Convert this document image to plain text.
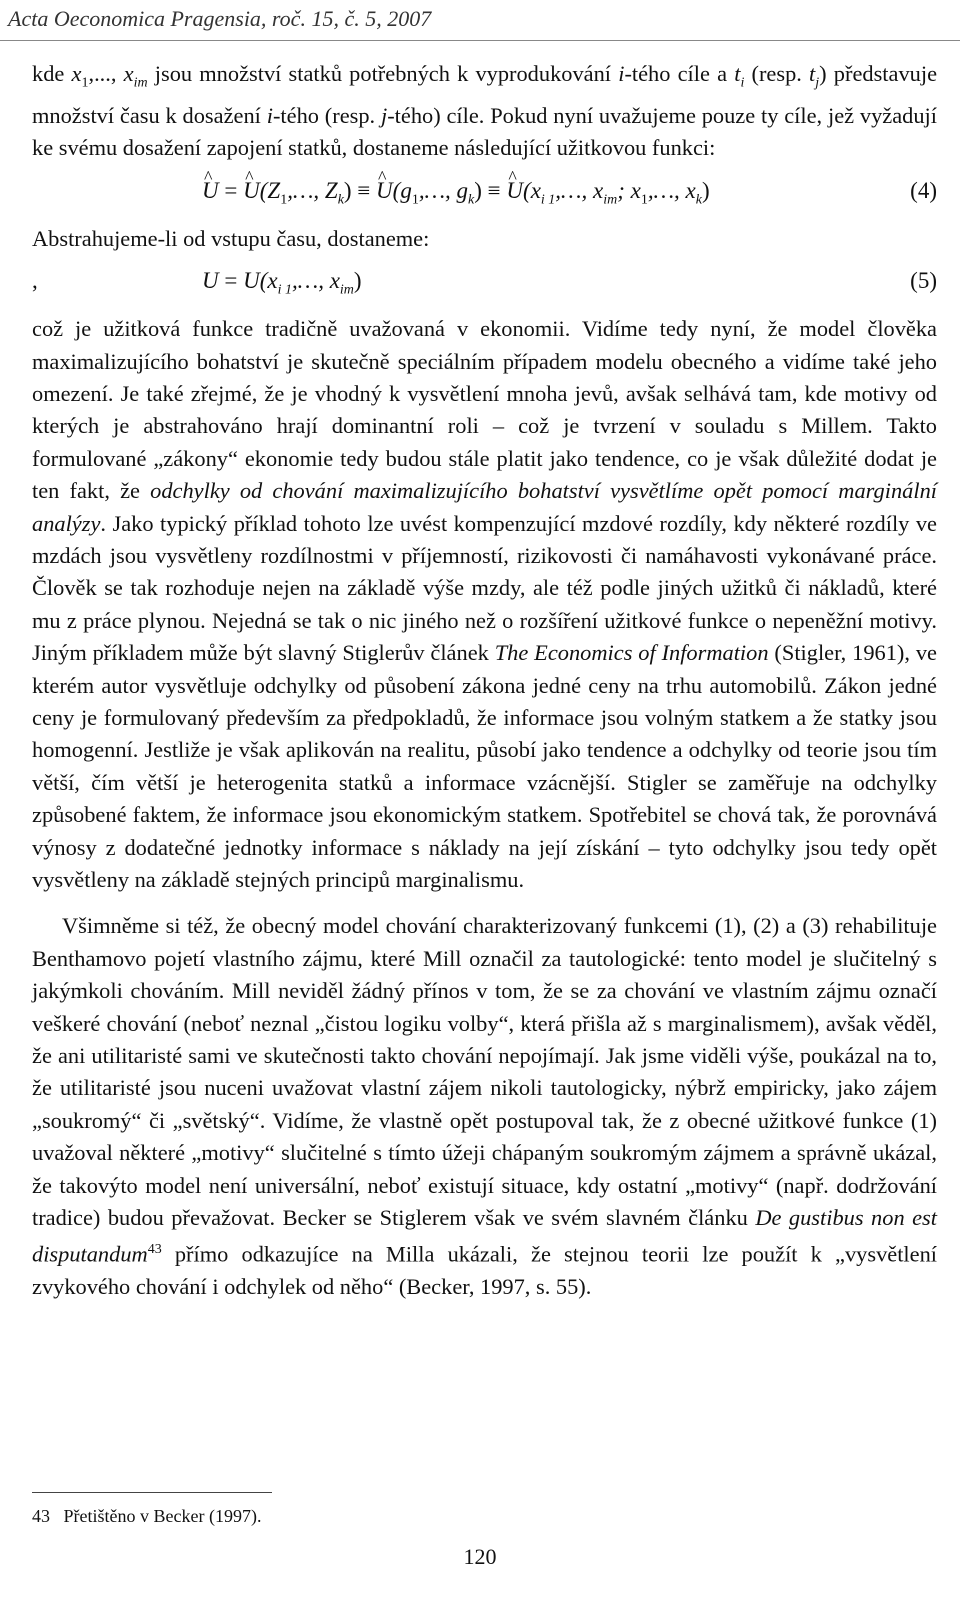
Acta Oeconomica Pragensia, roč. 15, č. 5, 2007

kde $x_1$,..., $x_{im}$ jsou množství statků potřebných k vyprodukování i-tého cíle a $t_i$ (resp. $t_j$) představuje množství času k dosažení i-tého (resp. j-tého) cíle. Pokud nyní uvažujeme pouze ty cíle, jež vyžadují ke svému dosažení zapojení statků, dostaneme následující užitkovou funkci:

^ U = ^ $U(Z_1,\dots$, $Z_k$) ≡ ^ $U(g_1,\dots$, $g_k$) ≡ ^ $U(x_{i 1},\dots$, $x_{im}$; $x_1,\dots$, $x_k$)	(4)

Abstrahujeme-li od vstupu času, dostaneme:

,	$U = U(x_{i 1},\dots$, $x_{im}$)	(5)

což je užitková funkce tradičně uvažovaná v ekonomii. Vidíme tedy nyní, že model člověka maximalizujícího bohatství je skutečně speciálním případem modelu obecného a vidíme také jeho omezení. Je také zřejmé, že je vhodný k vysvětlení mnoha jevů, avšak selhává tam, kde motivy od kterých je abstrahováno hrají dominantní roli – což je tvrzení v souladu s Millem. Takto formulované „zákony“ ekonomie tedy budou stále platit jako tendence, co je však důležité dodat je ten fakt, že odchylky od chování maximalizujícího bohatství vysvětlíme opět pomocí marginální analýzy. Jako typický příklad tohoto lze uvést kompenzující mzdové rozdíly, kdy některé rozdíly ve mzdách jsou vysvětleny rozdílnostmi v příjemností, rizikovosti či namáhavosti vykonávané práce. Člověk se tak rozhoduje nejen na základě výše mzdy, ale též podle jiných užitků či nákladů, které mu z práce plynou. Nejedná se tak o nic jiného než o rozšíření užitkové funkce o nepeněžní motivy. Jiným příkladem může být slavný Stiglerův článek The Economics of Information (Stigler, 1961), ve kterém autor vysvětluje odchylky od působení zákona jedné ceny na trhu automobilů. Zákon jedné ceny je formulovaný především za předpokladů, že informace jsou volným statkem a že statky jsou homogenní. Jestliže je však aplikován na realitu, působí jako tendence a odchylky od teorie jsou tím větší, čím větší je heterogenita statků a informace vzácnější. Stigler se zaměřuje na odchylky způsobené faktem, že informace jsou ekonomickým statkem. Spotřebitel se chová tak, že porovnává výnosy z dodatečné jednotky informace s náklady na její získání – tyto odchylky jsou tedy opět vysvětleny na základě stejných principů marginalismu.

Všimněme si též, že obecný model chování charakterizovaný funkcemi (1), (2) a (3) rehabilituje Benthamovo pojetí vlastního zájmu, které Mill označil za tautologické: tento model je slučitelný s jakýmkoli chováním. Mill neviděl žádný přínos v tom, že se za chování ve vlastním zájmu označí veškeré chování (neboť neznal „čistou logiku volby“, která přišla až s marginalismem), avšak věděl, že ani utilitaristé sami ve skutečnosti takto chování nepojímají. Jak jsme viděli výše, poukázal na to, že utilitaristé jsou nuceni uvažovat vlastní zájem nikoli tautologicky, nýbrž empiricky, jako zájem „soukromý“ či „světský“. Vidíme, že vlastně opět postupoval tak, že z obecné užitkové funkce (1) uvažoval některé „motivy“ slučitelné s tímto úžeji chápaným soukromým zájmem a správně ukázal, že takovýto model není universální, neboť existují situace, kdy ostatní „motivy“ (např. dodržování tradice) budou převažovat. Becker se Stiglerem však ve svém slavném článku De gustibus non est disputandum$^{43}$ přímo odkazujíce na Milla ukázali, že stejnou teorii lze použít k „vysvětlení zvykového chování i odchylek od něho“ (Becker, 1997, s. 55).

43   Přetištěno v Becker (1997).
120
